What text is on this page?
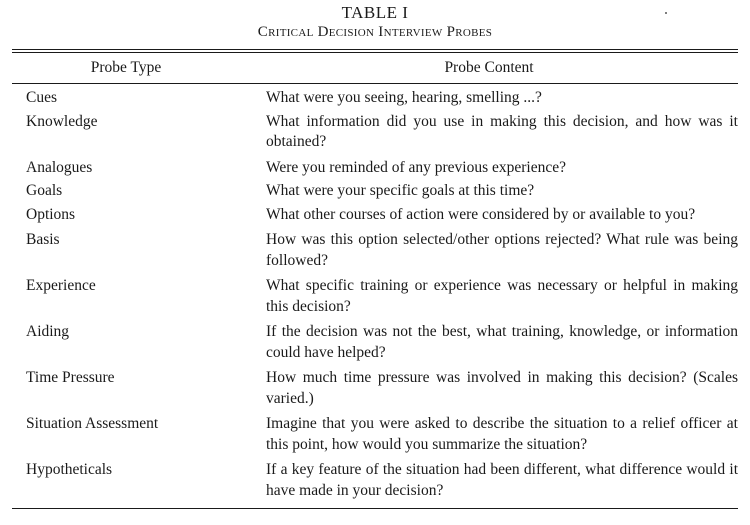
TABLE I
Critical Decision Interview Probes
Probe Type	Probe Content
Cues	What were you seeing, hearing, smelling ...?
Knowledge	What information did you use in making this decision, and how was it obtained?
Analogues	Were you reminded of any previous experience?
Goals	What were your specific goals at this time?
Options	What other courses of action were considered by or available to you?
Basis	How was this option selected/other options rejected? What rule was being followed?
Experience	What specific training or experience was necessary or helpful in making this decision?
Aiding	If the decision was not the best, what training, knowledge, or information could have helped?
Time Pressure	How much time pressure was involved in making this decision? (Scales varied.)
Situation Assessment	Imagine that you were asked to describe the situation to a relief officer at this point, how would you summarize the situation?
Hypotheticals	If a key feature of the situation had been different, what difference would it have made in your decision?
